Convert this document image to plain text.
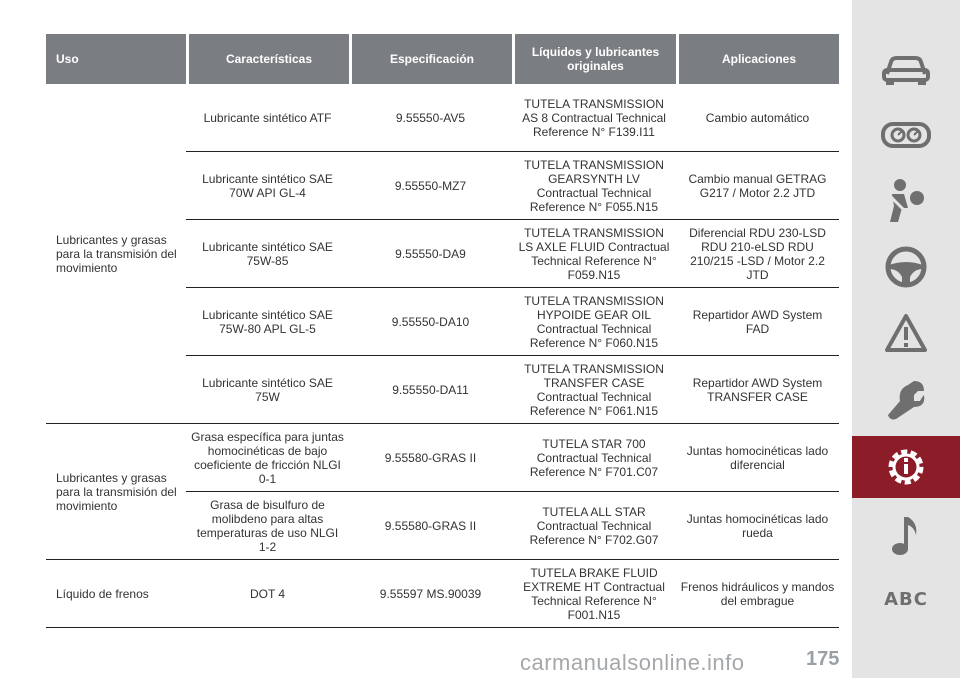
Uso	Características	Especificación	Líquidos y lubricantes originales	Aplicaciones
Lubricantes y grasas para la transmisión del movimiento	Lubricante sintético ATF	9.55550-AV5	TUTELA TRANSMISSION AS 8 Contractual Technical Reference N° F139.I11	Cambio automático
	Lubricante sintético SAE 70W API GL-4	9.55550-MZ7	TUTELA TRANSMISSION GEARSYNTH LV Contractual Technical Reference N° F055.N15	Cambio manual GETRAG G217 / Motor 2.2 JTD
	Lubricante sintético SAE 75W-85	9.55550-DA9	TUTELA TRANSMISSION LS AXLE FLUID Contractual Technical Reference N° F059.N15	Diferencial RDU 230-LSD RDU 210-eLSD RDU 210/215 -LSD / Motor 2.2 JTD
	Lubricante sintético SAE 75W-80 APL GL-5	9.55550-DA10	TUTELA TRANSMISSION HYPOIDE GEAR OIL Contractual Technical Reference N° F060.N15	Repartidor AWD System FAD
	Lubricante sintético SAE 75W	9.55550-DA11	TUTELA TRANSMISSION TRANSFER CASE Contractual Technical Reference N° F061.N15	Repartidor AWD System TRANSFER CASE
Lubricantes y grasas para la transmisión del movimiento	Grasa específica para juntas homocinéticas de bajo coeficiente de fricción NLGI 0-1	9.55580-GRAS II	TUTELA STAR 700 Contractual Technical Reference N° F701.C07	Juntas homocinéticas lado diferencial
	Grasa de bisulfuro de molibdeno para altas temperaturas de uso NLGI 1-2	9.55580-GRAS II	TUTELA ALL STAR Contractual Technical Reference N° F702.G07	Juntas homocinéticas lado rueda
Líquido de frenos	DOT 4	9.55597 MS.90039	TUTELA BRAKE FLUID EXTREME HT Contractual Technical Reference N° F001.N15	Frenos hidráulicos y mandos del embrague
carmanualsonline.info	175
ABC
